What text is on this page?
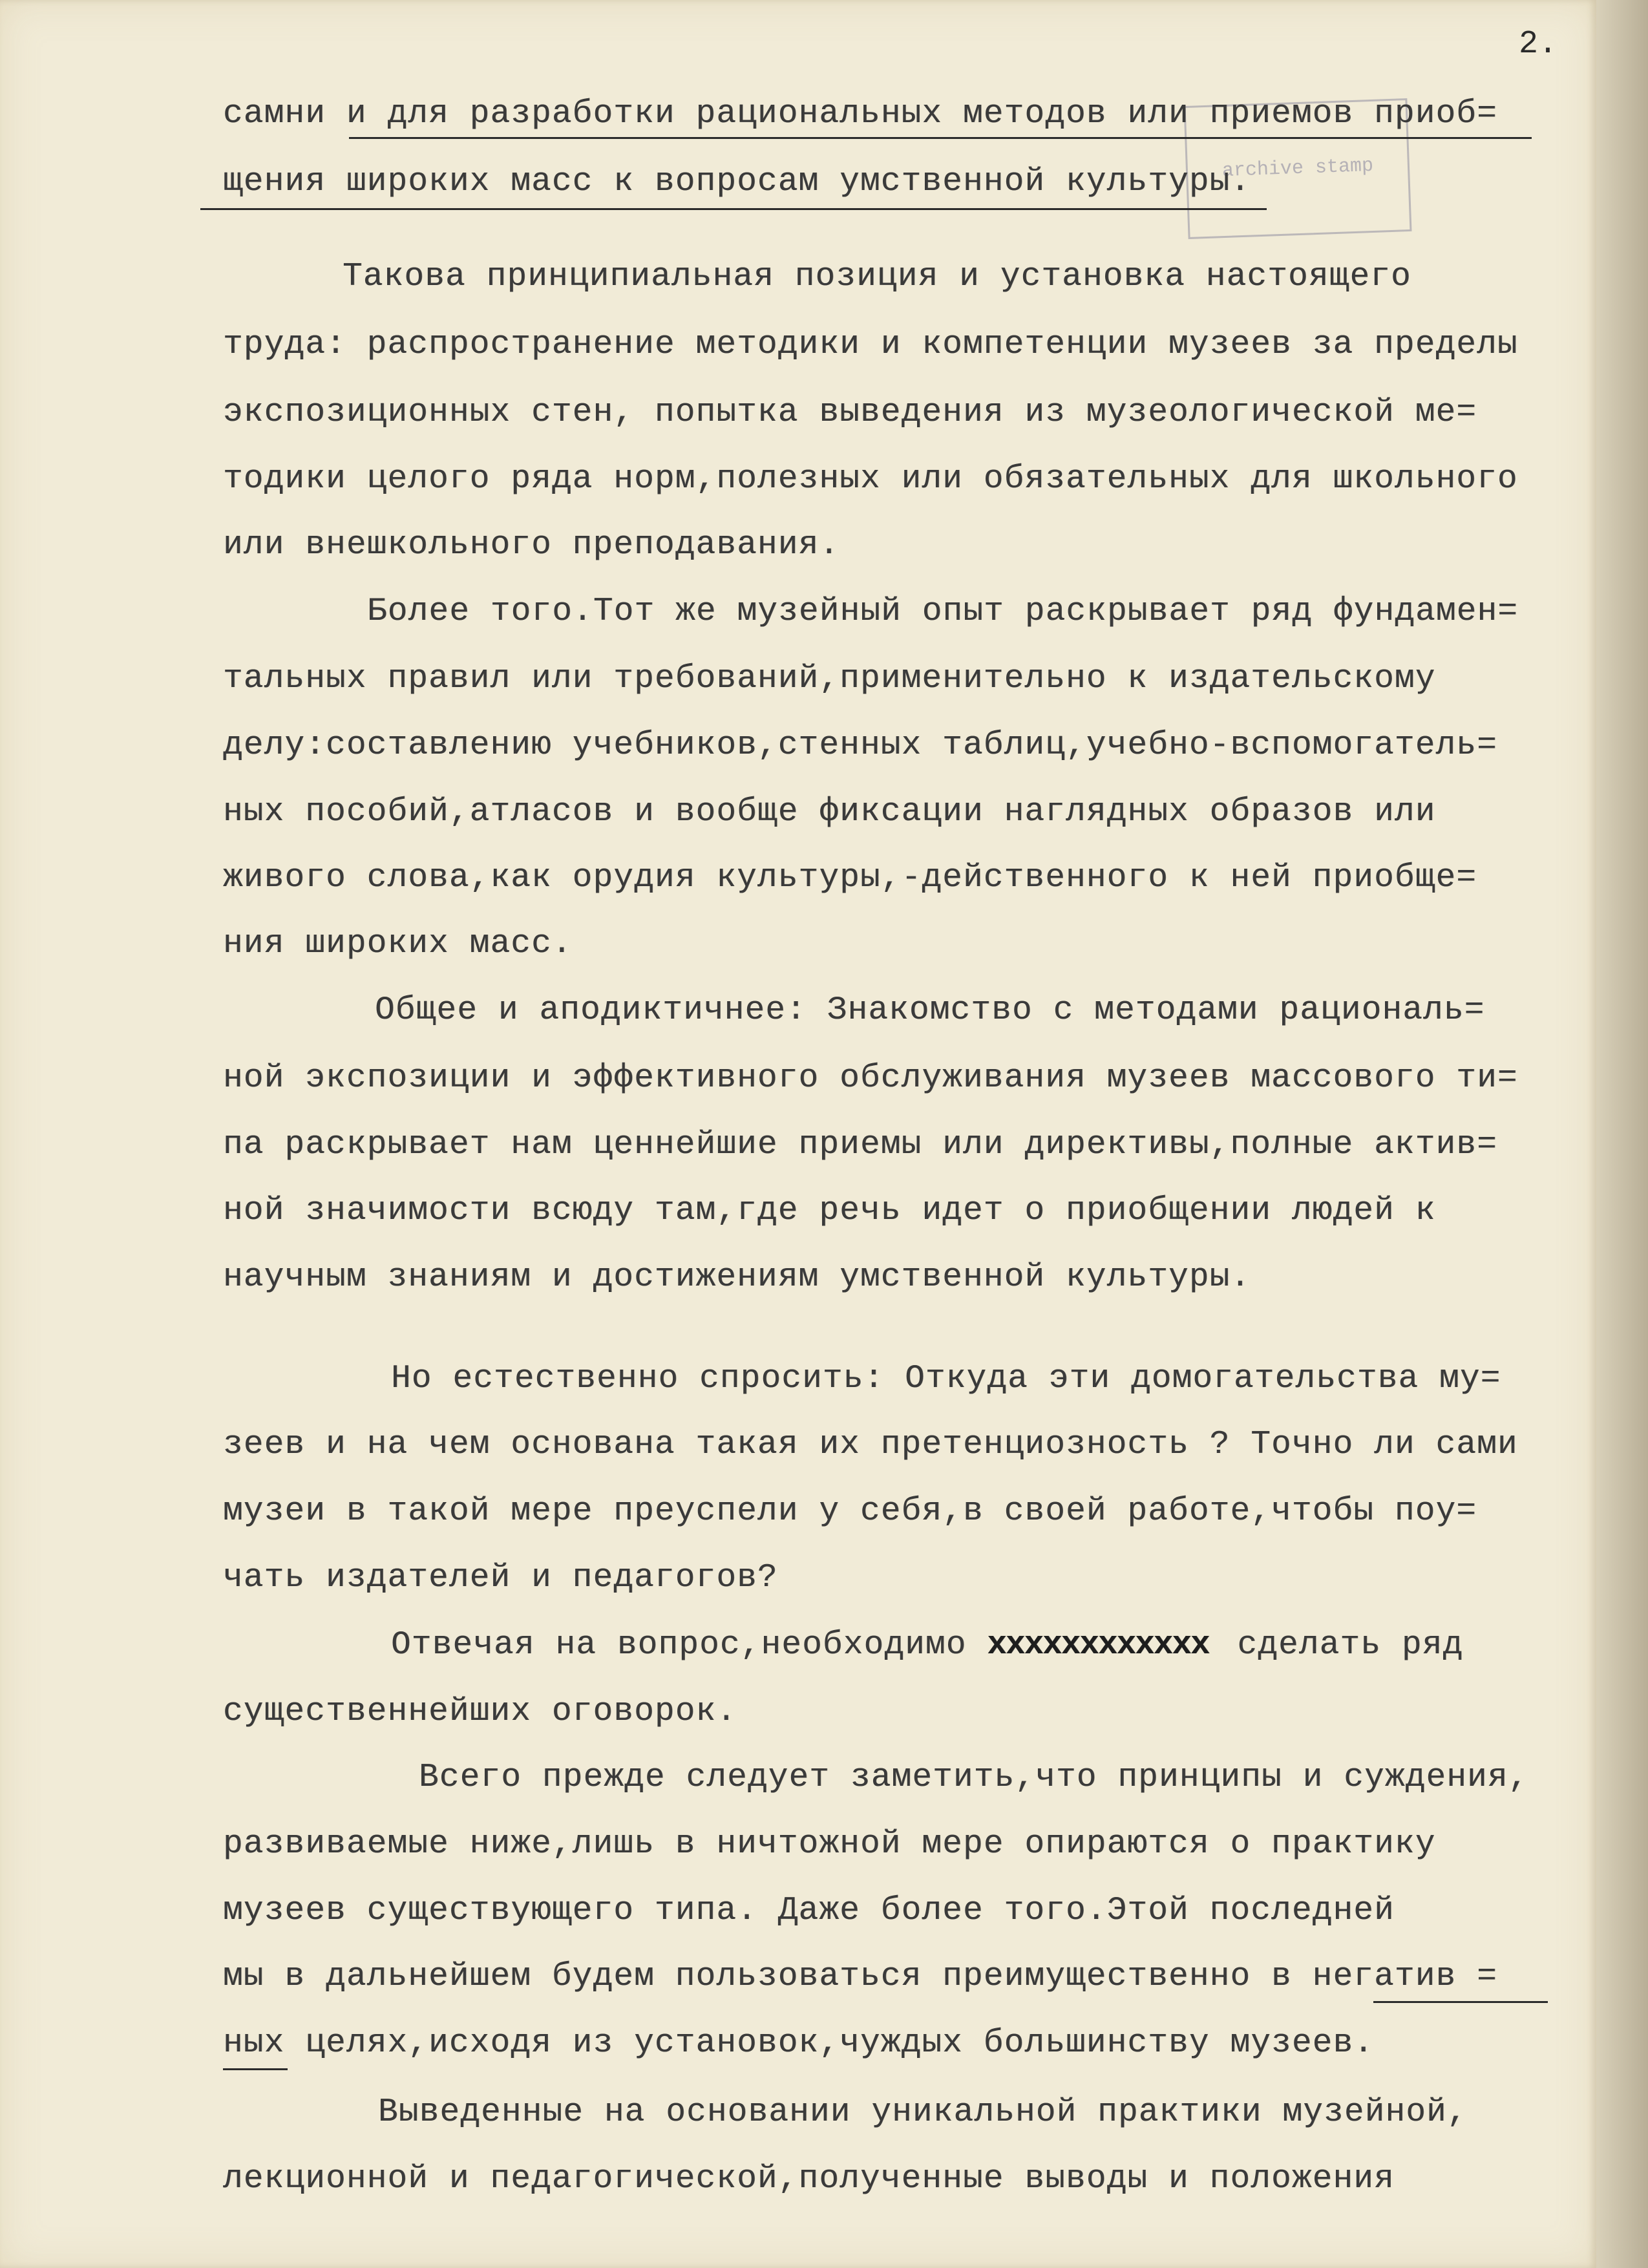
2.
archive stamp
самни и для разработки рациональных методов или приемов приоб=
щения широких масс к вопросам умственной культуры.
Такова принципиальная позиция и установка настоящего
труда: распространение методики и компетенции музеев за пределы
экспозиционных стен, попытка выведения из музеологической ме=
тодики целого ряда норм,полезных или обязательных для школьного
или внешкольного преподавания.
Более того.Тот же музейный опыт раскрывает ряд фундамен=
тальных правил или требований,применительно к издательскому
делу:составлению учебников,стенных таблиц,учебно-вспомогатель=
ных пособий,атласов и вообще фиксации наглядных образов или
живого слова,как орудия культуры,-действенного к ней приобще=
ния широких масс.
Общее и аподиктичнее: Знакомство с методами рациональ=
ной экспозиции и эффективного обслуживания музеев массового ти=
па раскрывает нам ценнейшие приемы или директивы,полные актив=
ной значимости всюду там,где речь идет о приобщении людей к
научным знаниям и достижениям умственной культуры.
Но естественно спросить: Откуда эти домогательства му=
зеев и на чем основана такая их претенциозность ? Точно ли сами
музеи в такой мере преуспели у себя,в своей работе,чтобы поу=
чать издателей и педагогов?
Отвечая на вопрос,необходимо xxxxxxxxxxxx сделать ряд
существеннейших оговорок.
Всего прежде следует заметить,что принципы и суждения,
развиваемые ниже,лишь в ничтожной мере опираются о практику
музеев существующего типа. Даже более того.Этой последней
мы в дальнейшем будем пользоваться преимущественно в негатив =
ных целях,исходя из установок,чуждых большинству музеев.
Выведенные на основании уникальной практики музейной,
лекционной и педагогической,полученные выводы и положения
